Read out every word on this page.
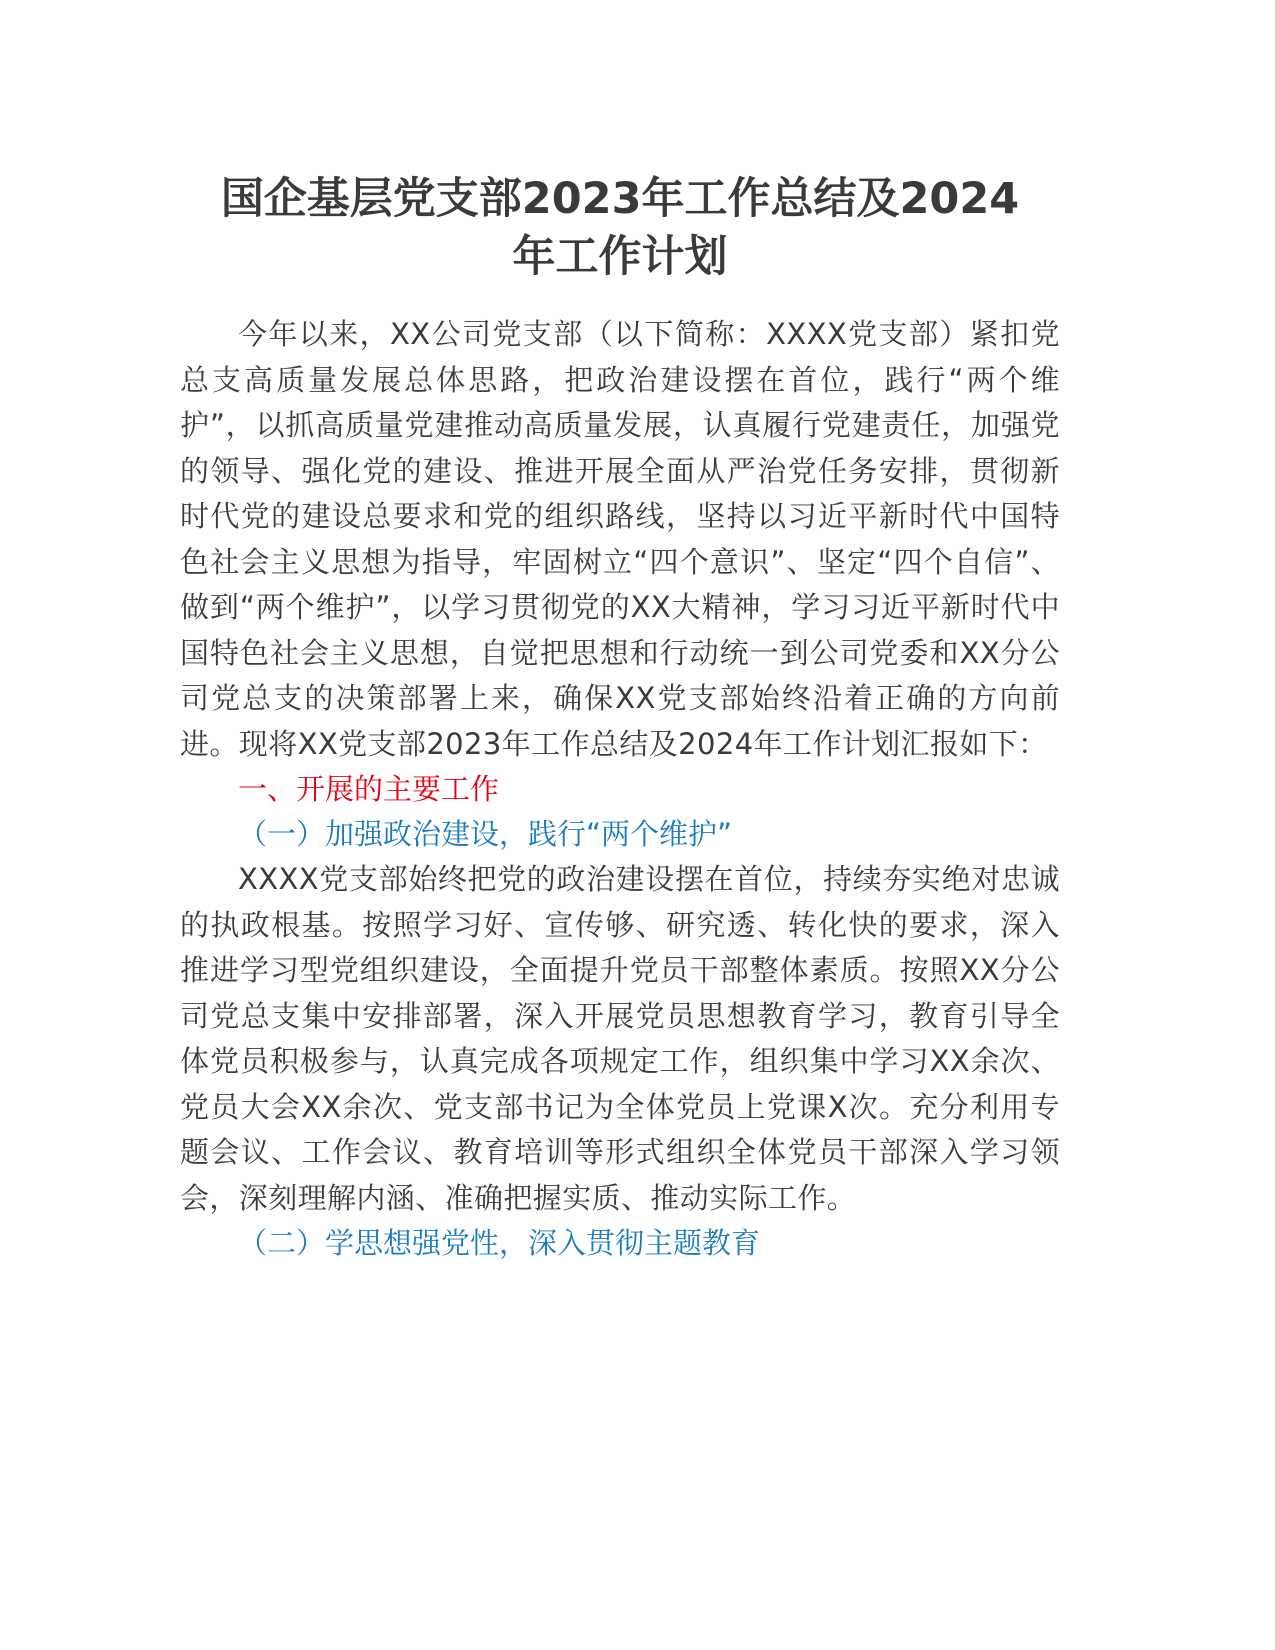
国企基层党支部2023年工作总结及2024年工作计划

今年以来，XX公司党支部（以下简称：XXXX党支部）紧扣党总支高质量发展总体思路，把政治建设摆在首位，践行“两个维护”，以抓高质量党建推动高质量发展，认真履行党建责任，加强党的领导、强化党的建设、推进开展全面从严治党任务安排，贯彻新时代党的建设总要求和党的组织路线，坚持以习近平新时代中国特色社会主义思想为指导，牢固树立“四个意识”、坚定“四个自信”、做到“两个维护”，以学习贯彻党的XX大精神，学习习近平新时代中国特色社会主义思想，自觉把思想和行动统一到公司党委和XX分公司党总支的决策部署上来，确保XX党支部始终沿着正确的方向前进。现将XX党支部2023年工作总结及2024年工作计划汇报如下：

一、开展的主要工作

（一）加强政治建设，践行“两个维护”

XXXX党支部始终把党的政治建设摆在首位，持续夯实绝对忠诚的执政根基。按照学习好、宣传够、研究透、转化快的要求，深入推进学习型党组织建设，全面提升党员干部整体素质。按照XX分公司党总支集中安排部署，深入开展党员思想教育学习，教育引导全体党员积极参与，认真完成各项规定工作，组织集中学习XX余次、党员大会XX余次、党支部书记为全体党员上党课X次。充分利用专题会议、工作会议、教育培训等形式组织全体党员干部深入学习领会，深刻理解内涵、准确把握实质、推动实际工作。

（二）学思想强党性，深入贯彻主题教育
